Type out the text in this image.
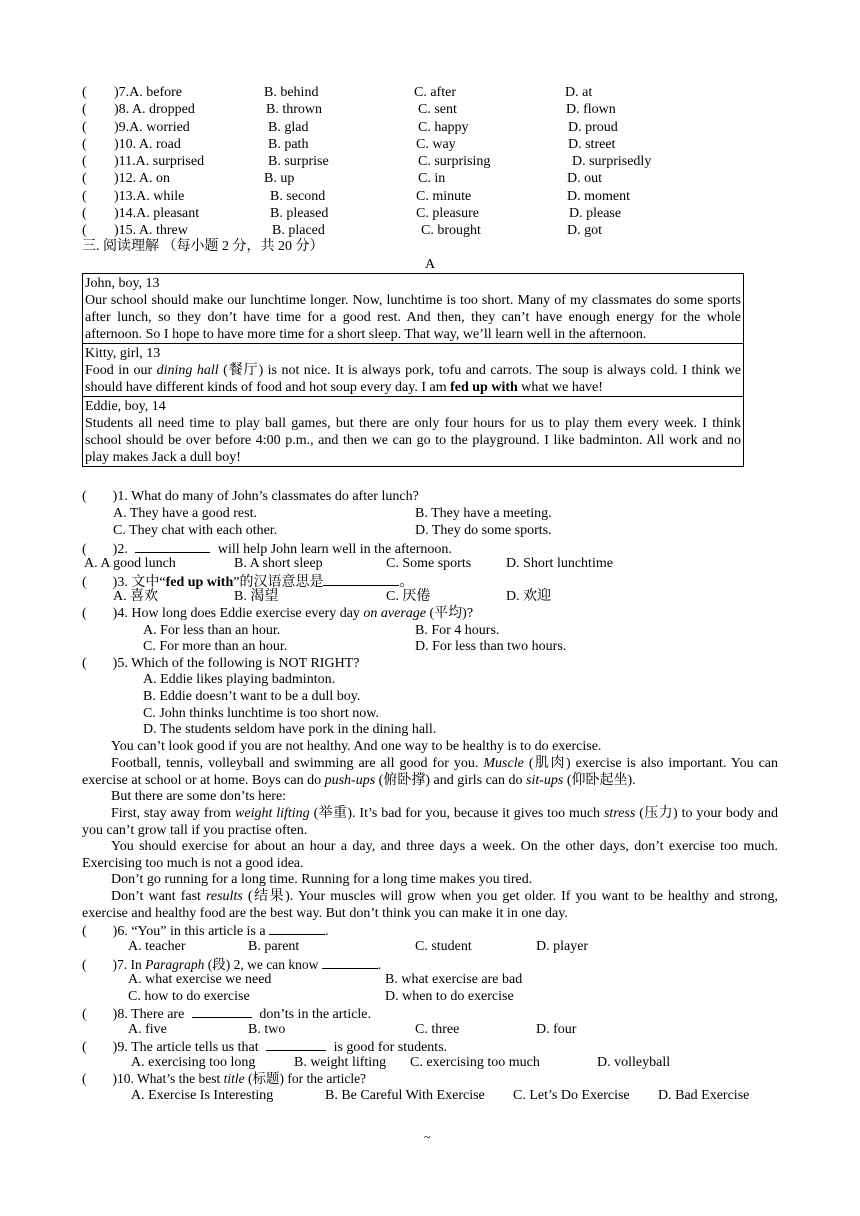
( )7.A. before	B. behind	C. after	D. at
( )8. A. dropped	B. thrown	C. sent	D. flown
( )9.A. worried	B. glad	C. happy	D. proud
( )10. A. road	B. path	C. way	D. street
( )11.A. surprised	B. surprise	C. surprising	D. surprisedly
( )12. A. on	B. up	C. in	D. out
( )13.A. while	B. second	C. minute	D. moment
( )14.A. pleasant	B. pleased	C. pleasure	D. please
( )15. A. threw	B. placed	C. brought	D. got
三. 阅读理解 （每小题 2 分，共 20 分）
A
John, boy, 13
Our school should make our lunchtime longer. Now, lunchtime is too short. Many of my classmates do some sports after lunch, so they don’t have time for a good rest. And then, they can’t have enough energy for the whole afternoon. So I hope to have more time for a short sleep. That way, we’ll learn well in the afternoon.
Kitty, girl, 13
Food in our dining hall (餐厅) is not nice. It is always pork, tofu and carrots. The soup is always cold. I think we should have different kinds of food and hot soup every day. I am fed up with what we have!
Eddie, boy, 14
Students all need time to play ball games, but there are only four hours for us to play them every week. I think school should be over before 4:00 p.m., and then we can go to the playground. I like badminton. All work and no play makes Jack a dull boy!
( )1. What do many of John’s classmates do after lunch?
A. They have a good rest.	B. They have a meeting.
C. They chat with each other.	D. They do some sports.
( )2.	will help John learn well in the afternoon.
A. A good lunch	B. A short sleep	C. Some sports D. Short lunchtime
( )3. 文中“fed up with”的汉语意思是	。
A. 喜欢	B. 渴望	C. 厌倦	D. 欢迎
( )4. How long does Eddie exercise every day on average (平均)?
A. For less than an hour.	B. For 4 hours.
C. For more than an hour.	D. For less than two hours.
( )5. Which of the following is NOT RIGHT?
A. Eddie likes playing badminton.
B. Eddie doesn’t want to be a dull boy.
C. John thinks lunchtime is too short now.
D. The students seldom have pork in the dining hall.
You can’t look good if you are not healthy. And one way to be healthy is to do exercise.
Football, tennis, volleyball and swimming are all good for you. Muscle (肌肉) exercise is also important. You can exercise at school or at home. Boys can do push-ups (俯卧撑) and girls can do sit-ups (仰卧起坐).
But there are some don’ts here:
First, stay away from weight lifting (举重). It’s bad for you, because it gives too much stress (压力) to your body and you can’t grow tall if you practise often.
You should exercise for about an hour a day, and three days a week. On the other days, don’t exercise too much. Exercising too much is not a good idea.
Don’t go running for a long time. Running for a long time makes you tired.
Don’t want fast results (结果). Your muscles will grow when you get older. If you want to be healthy and strong, exercise and healthy food are the best way. But don’t think you can make it in one day.
( )6. “You” in this article is a	.
A. teacher	B. parent	C. student	D. player
( )7. In Paragraph (段) 2, we can know	.
A. what exercise we need	B. what exercise are bad
C. how to do exercise	D. when to do exercise
( )8. There are	don’ts in the article.
A. five	B. two	C. three	D. four
( )9. The article tells us that	is good for students.
A. exercising too long	B. weight lifting C. exercising too much	D. volleyball
( )10. What’s the best title (标题) for the article?
A. Exercise Is Interesting	B. Be Careful With Exercise C. Let’s Do Exercise D. Bad Exercise
~
